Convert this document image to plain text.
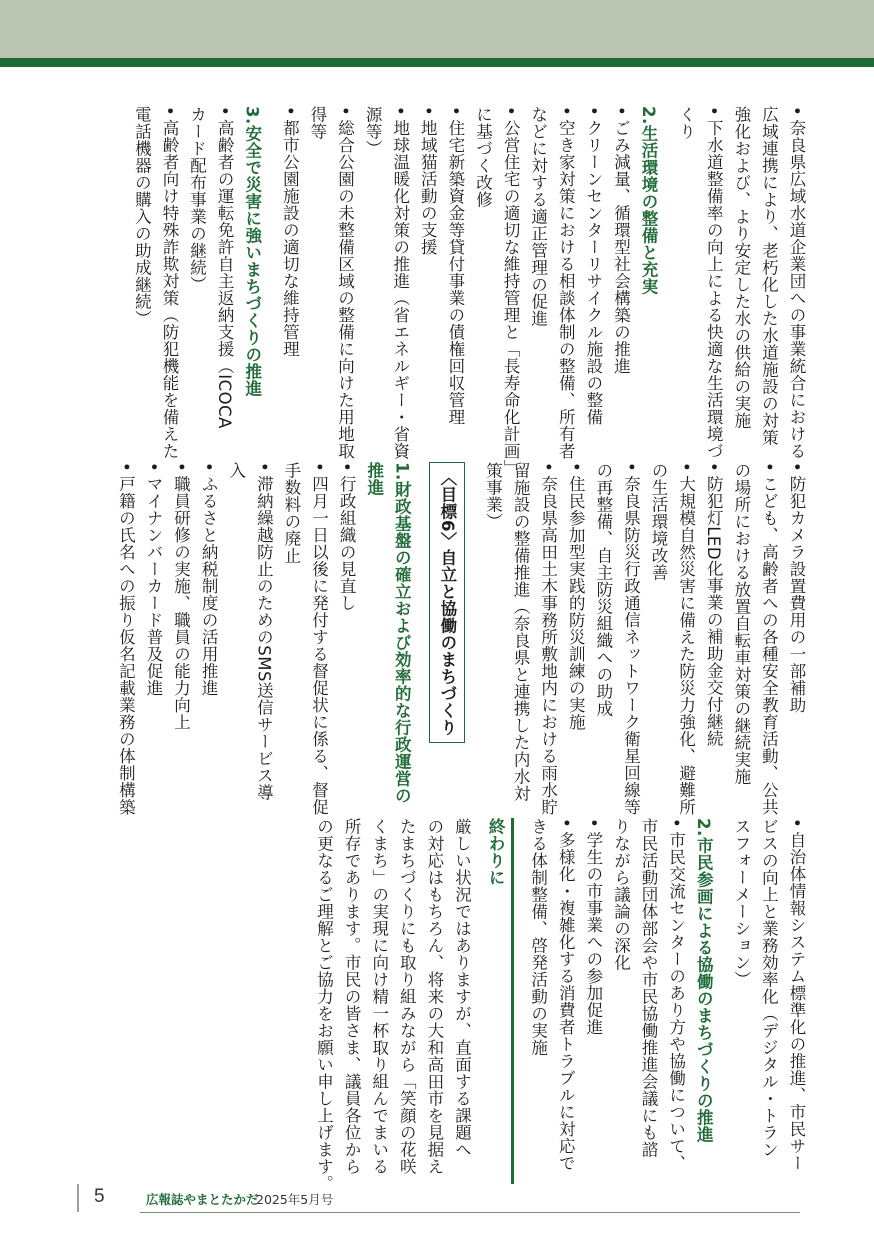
• 奈良県広域水道企業団への事業統合における
広域連携により、老朽化した水道施設の対策
強化および、より安定した水の供給の実施
• 下水道整備率の向上による快適な生活環境づ
くり
2.生活環境の整備と充実
• ごみ減量、循環型社会構築の推進
• クリーンセンターリサイクル施設の整備
• 空き家対策における相談体制の整備、所有者
などに対する適正管理の促進
• 公営住宅の適切な維持管理と「長寿命化計画」
に基づく改修
• 住宅新築資金等貸付事業の債権回収管理
• 地域猫活動の支援
• 地球温暖化対策の推進（省エネルギー・省資
源等）
• 総合公園の未整備区域の整備に向けた用地取
得等
• 都市公園施設の適切な維持管理
3.安全で災害に強いまちづくりの推進
• 高齢者の運転免許自主返納支援（ICOCA
カード配布事業の継続）
• 高齢者向け特殊詐欺対策（防犯機能を備えた
電話機器の購入の助成継続）
• 防犯カメラ設置費用の一部補助
• こども、高齢者への各種安全教育活動、公共
の場所における放置自転車対策の継続実施
• 防犯灯LED化事業の補助金交付継続
• 大規模自然災害に備えた防災力強化、避難所
の生活環境改善
• 奈良県防災行政通信ネットワーク衛星回線等
の再整備、自主防災組織への助成
• 住民参加型実践的防災訓練の実施
• 奈良県高田土木事務所敷地内における雨水貯
留施設の整備推進（奈良県と連携した内水対
策事業）
〈目標6〉自立と協働のまちづくり
1.財政基盤の確立および効率的な行政運営の
推進
• 行政組織の見直し
• 四月一日以後に発付する督促状に係る、督促
手数料の廃止
• 滞納繰越防止のためのSMS送信サービス導
入
• ふるさと納税制度の活用推進
• 職員研修の実施、職員の能力向上
• マイナンバーカード普及促進
• 戸籍の氏名への振り仮名記載業務の体制構築
• 自治体情報システム標準化の推進、市民サー
ビスの向上と業務効率化（デジタル・トラン
スフォーメーション）
2.市民参画による協働のまちづくりの推進
• 市民交流センターのあり方や協働について、
市民活動団体部会や市民協働推進会議にも諮
りながら議論の深化
• 学生の市事業への参加促進
• 多様化・複雑化する消費者トラブルに対応で
きる体制整備、啓発活動の実施
終わりに
厳しい状況ではありますが、直面する課題へ
の対応はもちろん、将来の大和高田市を見据え
たまちづくりにも取り組みながら「笑顔の花咲
くまち」の実現に向け精一杯取り組んでまいる
所存であります。市民の皆さま、議員各位から
の更なるご理解とご協力をお願い申し上げます。
5	広報誌やまとたかだ
2025年5月号
